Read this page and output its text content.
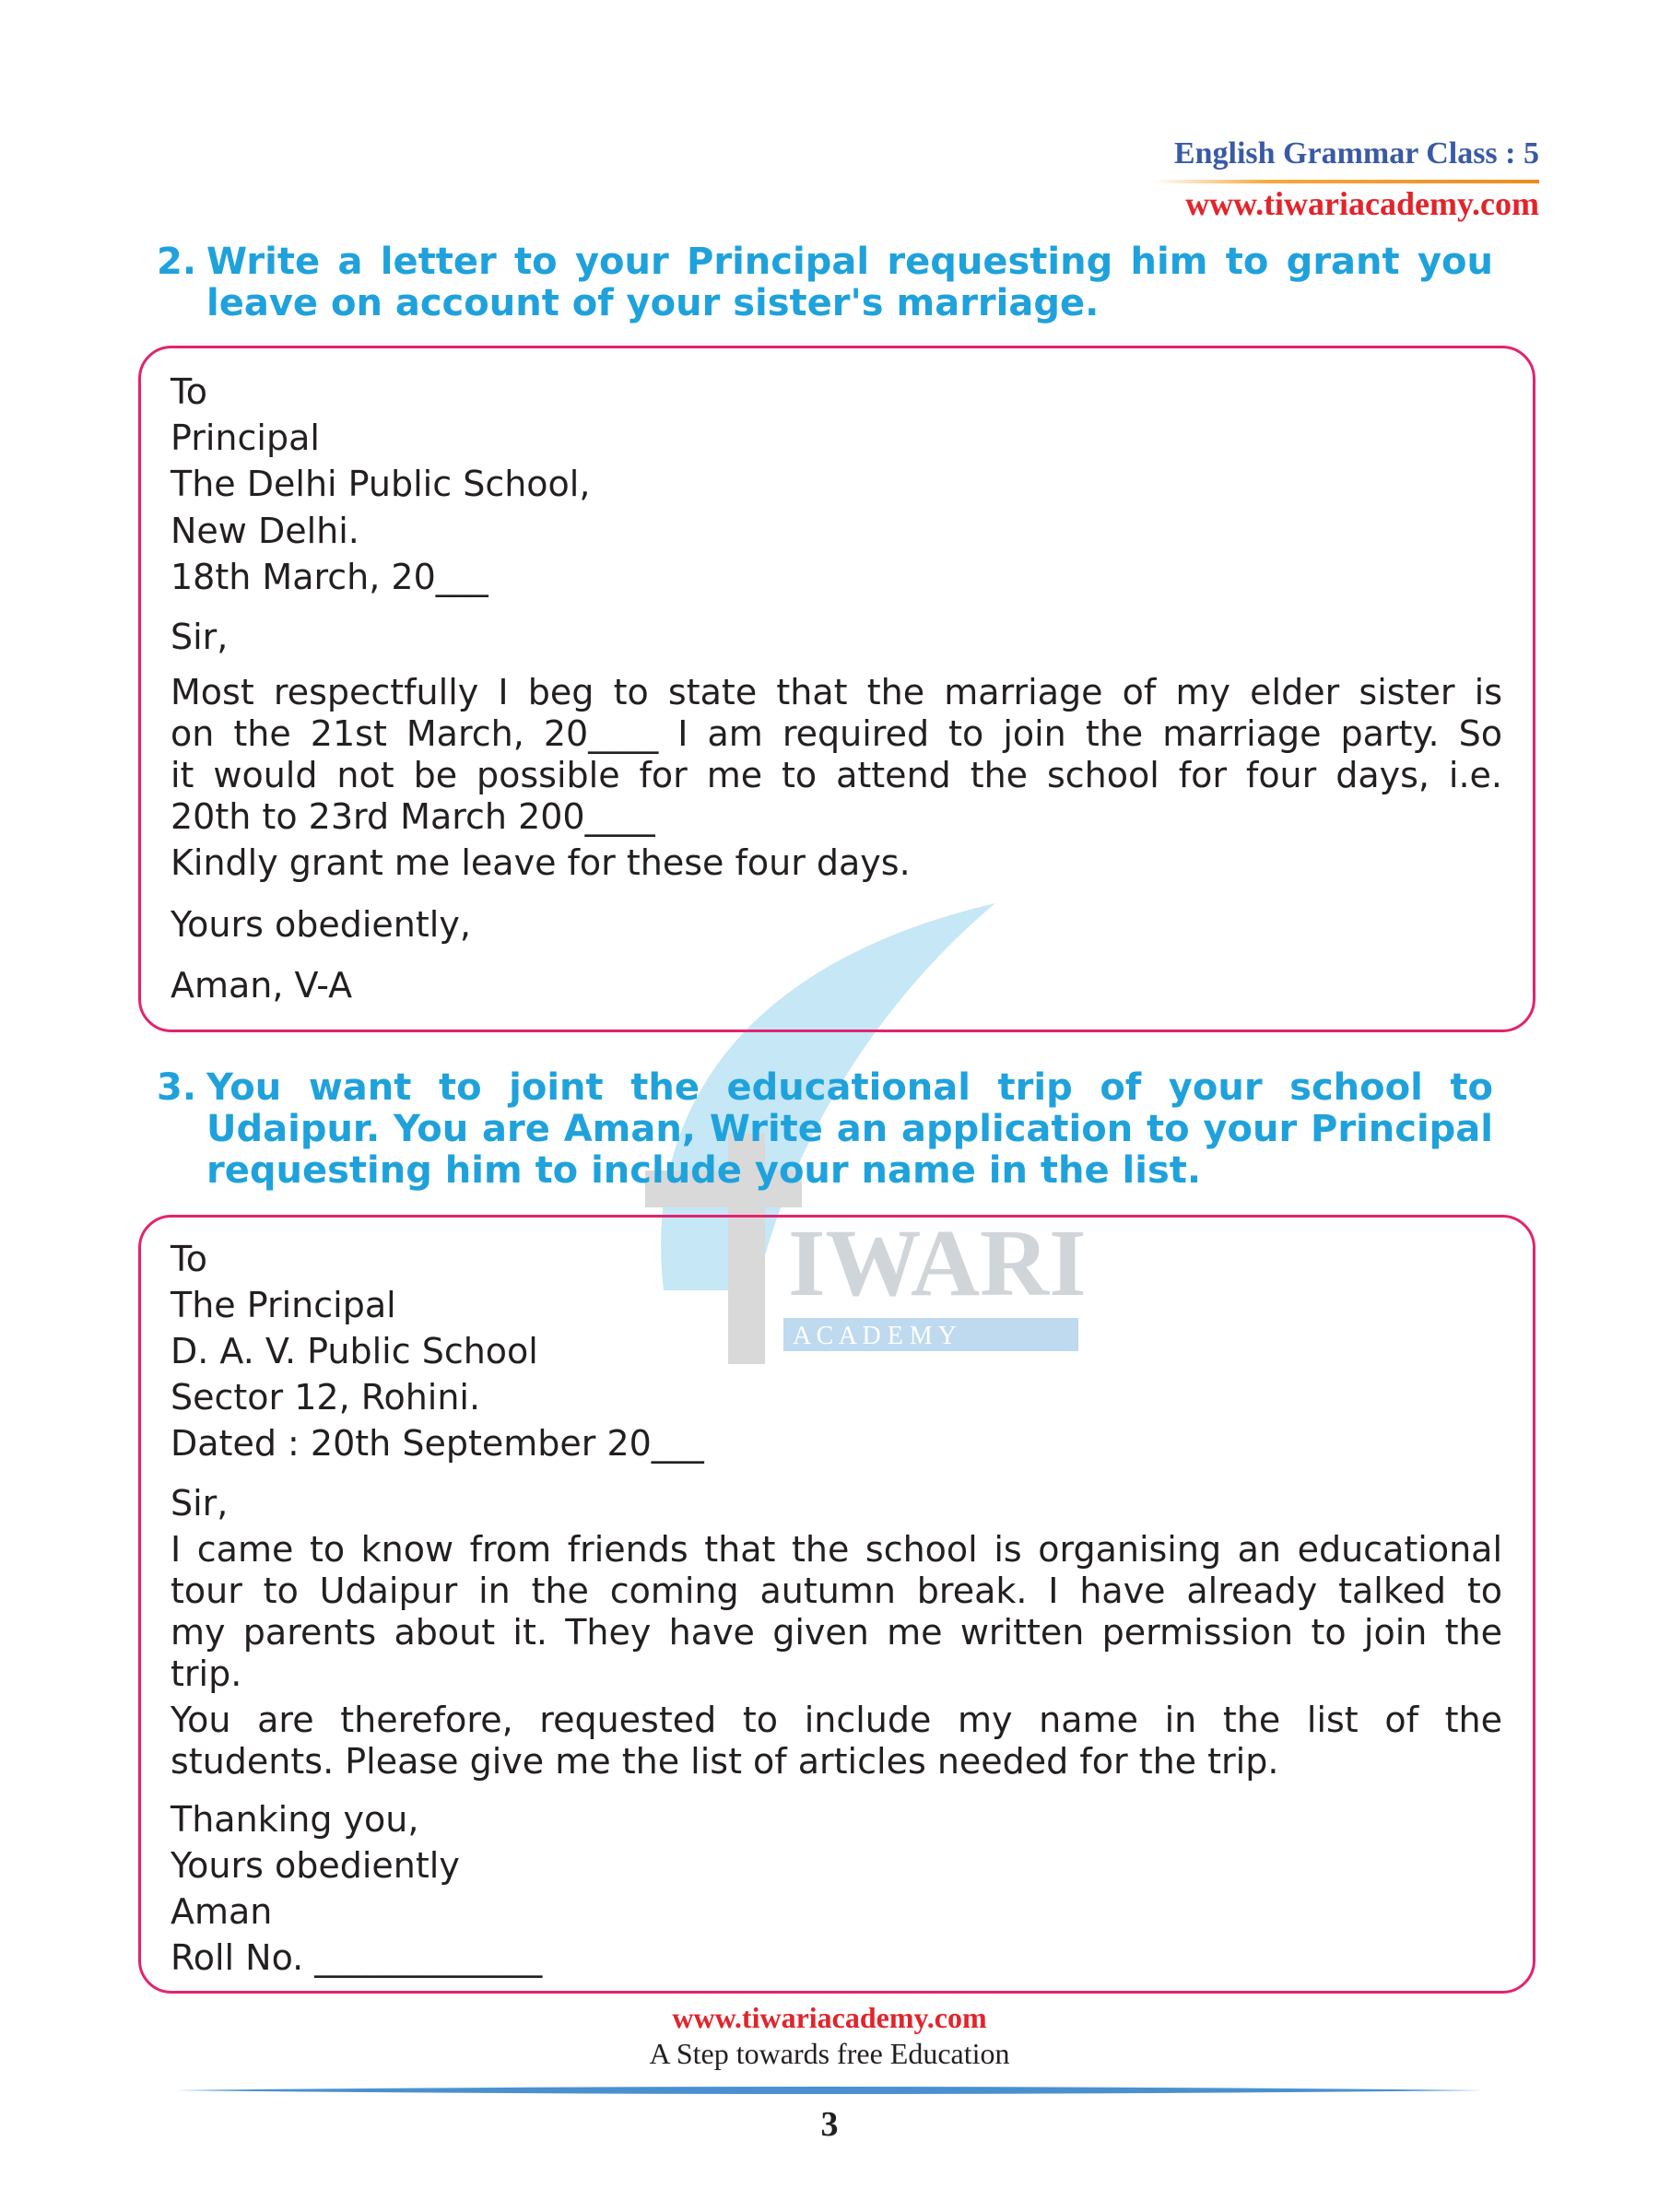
English Grammar Class : 5
www.tiwariacademy.com
IWARI
A C A D E M Y
2. Write a letter to your Principal requesting him to grant you
leave on account of your sister's marriage.
To
Principal
The Delhi Public School,
New Delhi.
18th March, 20___
Sir,
Most respectfully I beg to state that the marriage of my elder sister is
on the 21st March, 20____ I am required to join the marriage party. So
it would not be possible for me to attend the school for four days, i.e.
20th to 23rd March 200____
Kindly grant me leave for these four days.
Yours obediently,
Aman, V-A
3. You want to joint the educational trip of your school to
Udaipur. You are Aman, Write an application to your Principal
requesting him to include your name in the list.
To
The Principal
D. A. V. Public School
Sector 12, Rohini.
Dated : 20th September 20___
Sir,
I came to know from friends that the school is organising an educational
tour to Udaipur in the coming autumn break. I have already talked to
my parents about it. They have given me written permission to join the
trip.
You are therefore, requested to include my name in the list of the
students. Please give me the list of articles needed for the trip.
Thanking you,
Yours obediently
Aman
Roll No. _____________
www.tiwariacademy.com
A Step towards free Education
3
